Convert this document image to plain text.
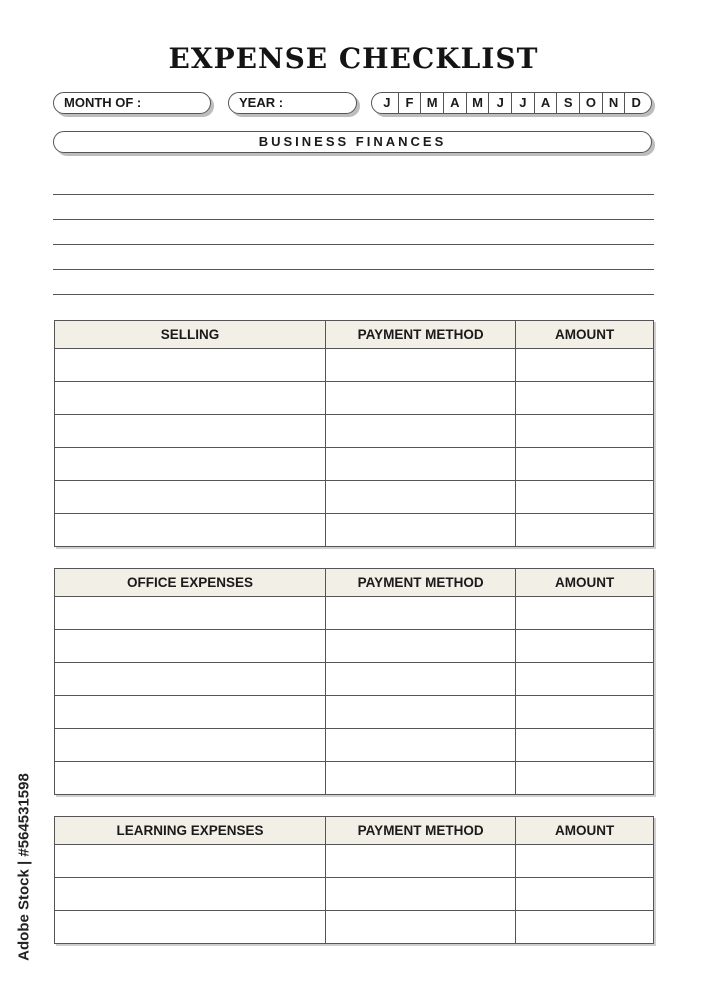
EXPENSE CHECKLIST
MONTH OF :	YEAR :	J	F	M A M	J	J	A	S	O N	D
BUSINESS FINANCES
SELLING	PAYMENT METHOD	AMOUNT

OFFICE EXPENSES	PAYMENT METHOD	AMOUNT

LEARNING EXPENSES	PAYMENT METHOD	AMOUNT

Adobe Stock | #564531598
